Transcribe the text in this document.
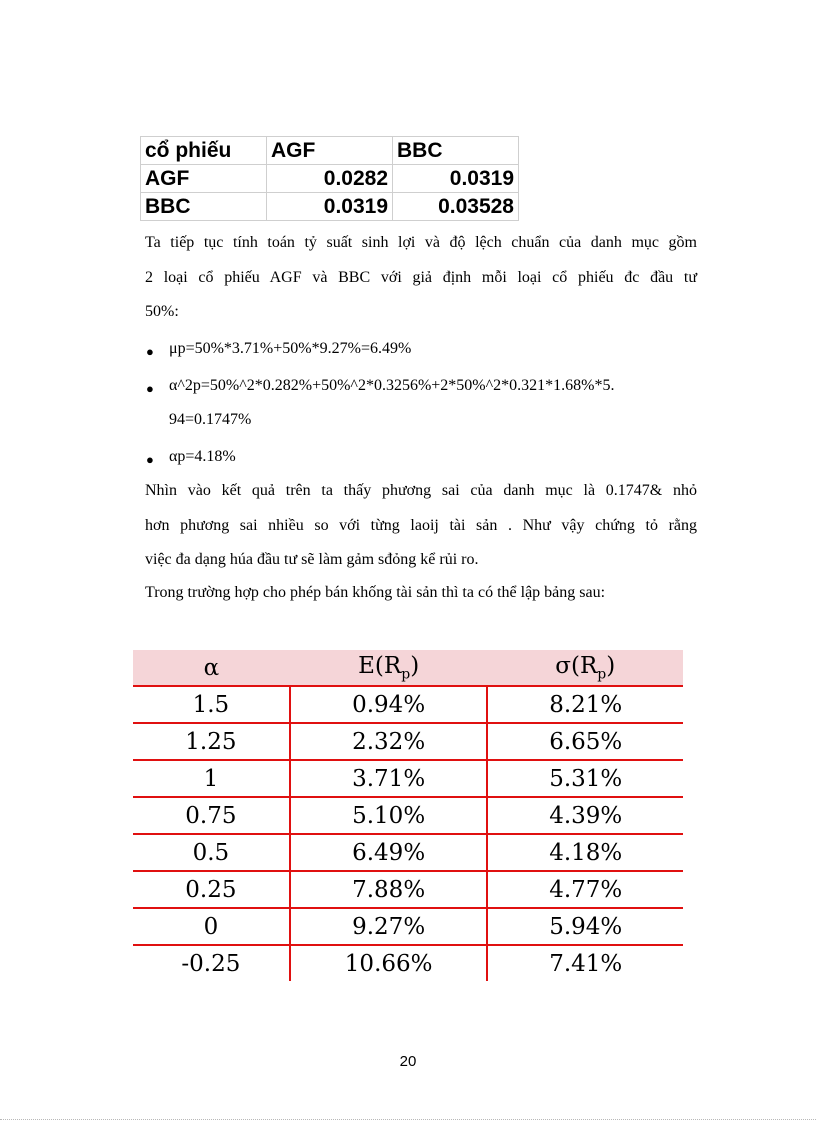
cổ phiếu	AGF	BBC
AGF	0.0282	0.0319
BBC	0.0319	0.03528
Ta tiếp tục tính toán tỷ suất sinh lợi và độ lệch chuẩn của danh mục gồm
2 loại cổ phiếu AGF và BBC với giả định mỗi loại cổ phiếu đc đầu tư
50%:
● μp=50%*3.71%+50%*9.27%=6.49%
● α^2p=50%^2*0.282%+50%^2*0.3256%+2*50%^2*0.321*1.68%*5.
94=0.1747%
● αp=4.18%
Nhìn vào kết quả trên ta thấy phương sai của danh mục là 0.1747& nhỏ
hơn phương sai nhiều so với từng laoij tài sản . Như vậy chứng tỏ rằng
việc đa dạng húa đầu tư sẽ làm gảm sđỏng kể rủi ro.
Trong trường hợp cho phép bán khống tài sản thì ta có thể lập bảng sau:
α	$E(R_p)$	$\sigma(R_p)$
1.5	0.94%	8.21%
1.25	2.32%	6.65%
1	3.71%	5.31%
0.75	5.10%	4.39%
0.5	6.49%	4.18%
0.25	7.88%	4.77%
0	9.27%	5.94%
-0.25	10.66%	7.41%
20
